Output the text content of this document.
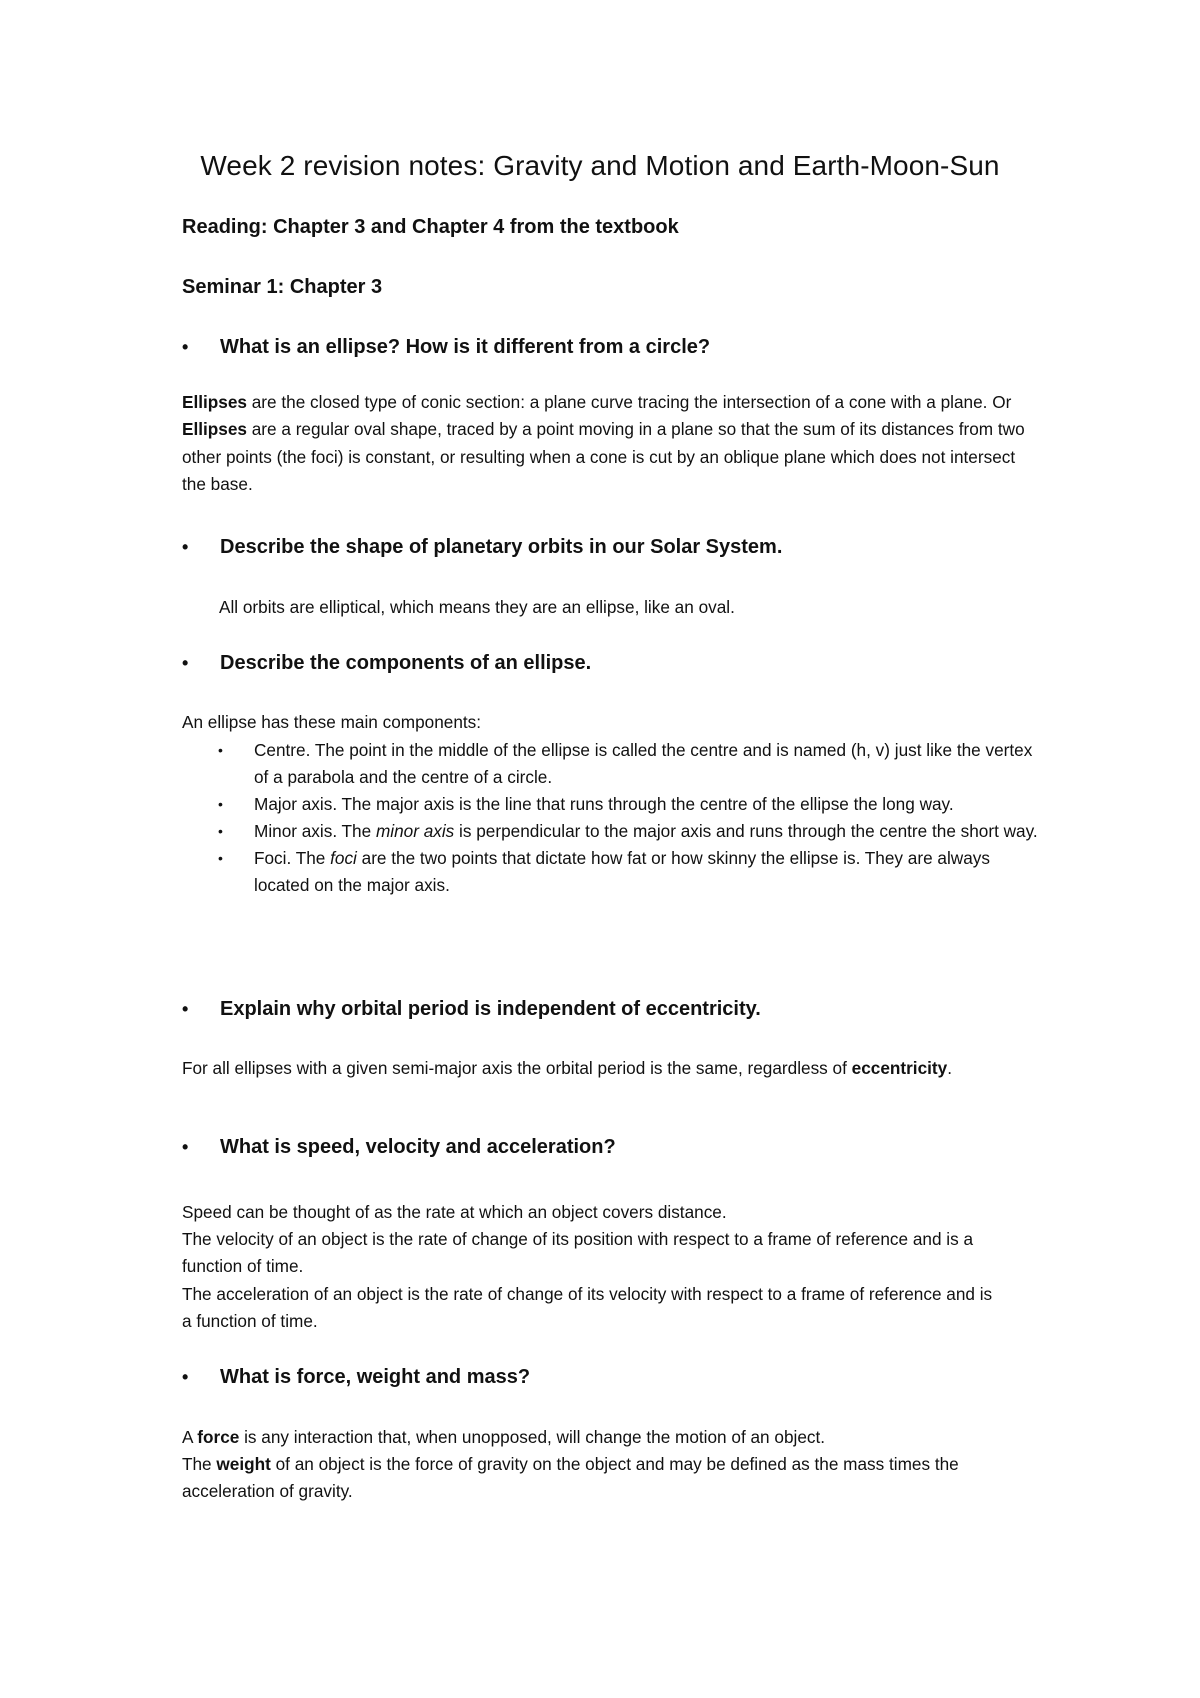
Week 2 revision notes: Gravity and Motion and Earth-Moon-Sun

Reading: Chapter 3 and Chapter 4 from the textbook

Seminar 1: Chapter 3

• What is an ellipse? How is it different from a circle?

Ellipses are the closed type of conic section: a plane curve tracing the intersection of a cone with a plane. Or Ellipses are a regular oval shape, traced by a point moving in a plane so that the sum of its distances from two other points (the foci) is constant, or resulting when a cone is cut by an oblique plane which does not intersect the base.

• Describe the shape of planetary orbits in our Solar System.

All orbits are elliptical, which means they are an ellipse, like an oval.

• Describe the components of an ellipse.

An ellipse has these main components:

• Centre. The point in the middle of the ellipse is called the centre and is named (h, v) just like the vertex of a parabola and the centre of a circle.
• Major axis. The major axis is the line that runs through the centre of the ellipse the long way.
• Minor axis. The minor axis is perpendicular to the major axis and runs through the centre the short way.
• Foci. The foci are the two points that dictate how fat or how skinny the ellipse is. They are always located on the major axis.

• Explain why orbital period is independent of eccentricity.

For all ellipses with a given semi-major axis the orbital period is the same, regardless of eccentricity.

• What is speed, velocity and acceleration?

Speed can be thought of as the rate at which an object covers distance.

The velocity of an object is the rate of change of its position with respect to a frame of reference and is a function of time.

The acceleration of an object is the rate of change of its velocity with respect to a frame of reference and is a function of time.

• What is force, weight and mass?

A force is any interaction that, when unopposed, will change the motion of an object.

The weight of an object is the force of gravity on the object and may be defined as the mass times the acceleration of gravity.
